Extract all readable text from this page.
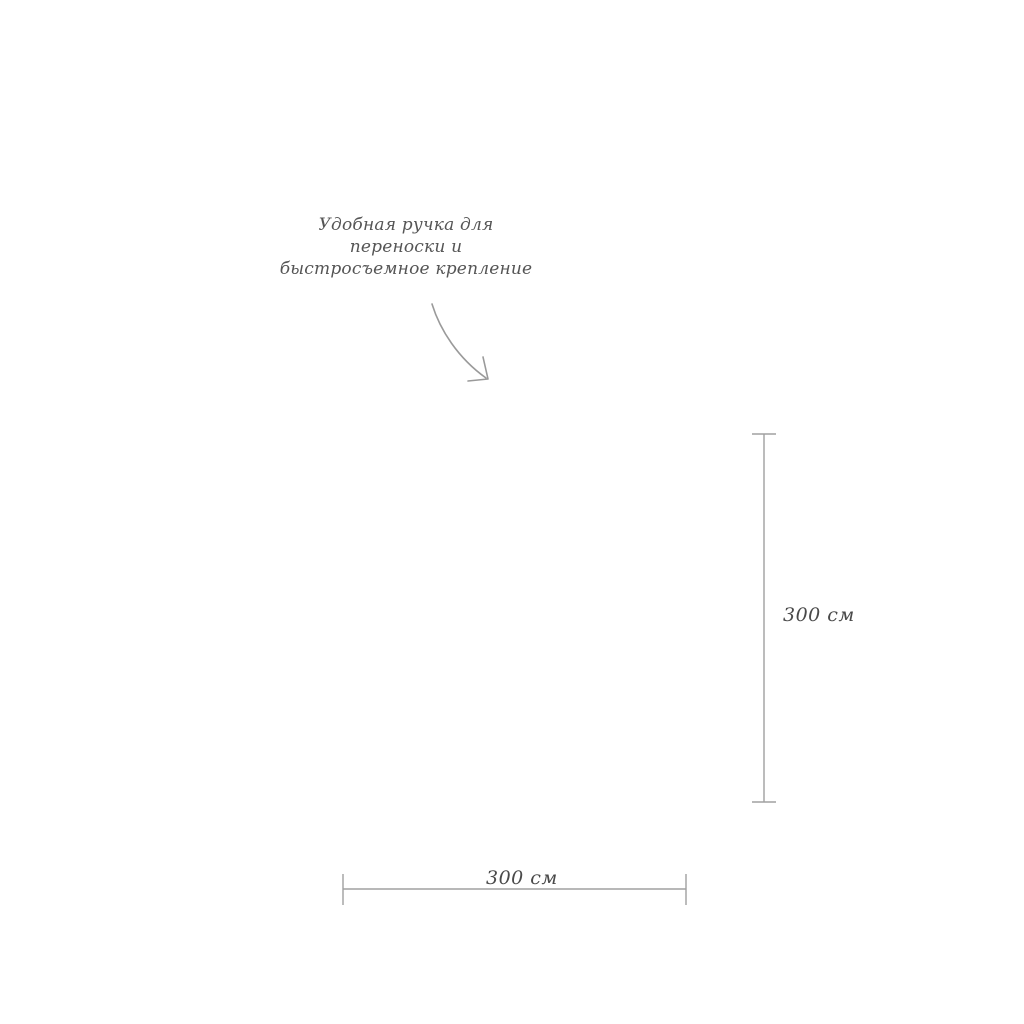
Удобная ручка для
переноски и
быстросъемное крепление
300 см
300 см
